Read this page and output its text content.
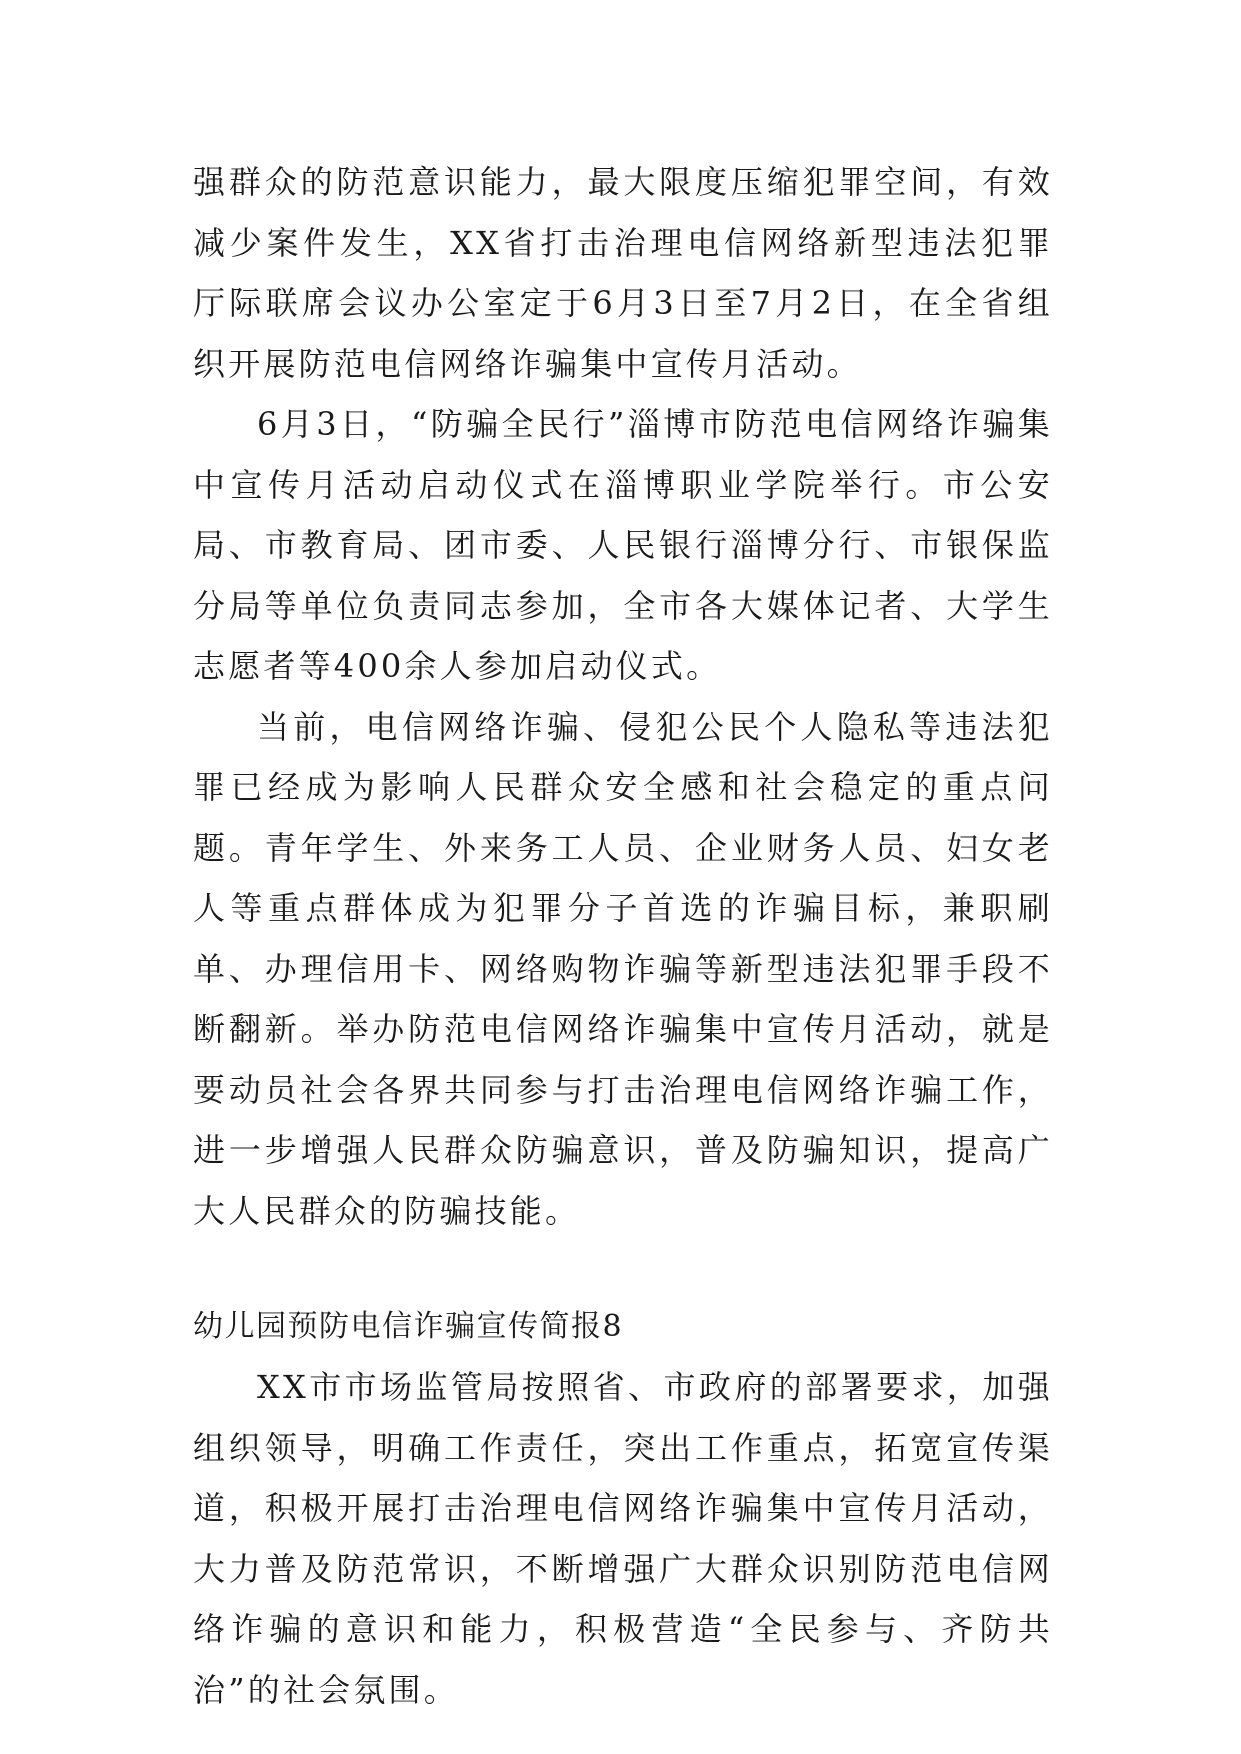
强群众的防范意识能力，最大限度压缩犯罪空间，有效减少案件发生，XX省打击治理电信网络新型违法犯罪厅际联席会议办公室定于6月3日至7月2日，在全省组织开展防范电信网络诈骗集中宣传月活动。

6月3日，“防骗全民行”淄博市防范电信网络诈骗集中宣传月活动启动仪式在淄博职业学院举行。市公安局、市教育局、团市委、人民银行淄博分行、市银保监分局等单位负责同志参加，全市各大媒体记者、大学生志愿者等400余人参加启动仪式。

当前，电信网络诈骗、侵犯公民个人隐私等违法犯罪已经成为影响人民群众安全感和社会稳定的重点问题。青年学生、外来务工人员、企业财务人员、妇女老人等重点群体成为犯罪分子首选的诈骗目标，兼职刷单、办理信用卡、网络购物诈骗等新型违法犯罪手段不断翻新。举办防范电信网络诈骗集中宣传月活动，就是要动员社会各界共同参与打击治理电信网络诈骗工作，进一步增强人民群众防骗意识，普及防骗知识，提高广大人民群众的防骗技能。

幼儿园预防电信诈骗宣传简报8

XX市市场监管局按照省、市政府的部署要求，加强组织领导，明确工作责任，突出工作重点，拓宽宣传渠道，积极开展打击治理电信网络诈骗集中宣传月活动，大力普及防范常识，不断增强广大群众识别防范电信网络诈骗的意识和能力，积极营造“全民参与、齐防共治”的社会氛围。
